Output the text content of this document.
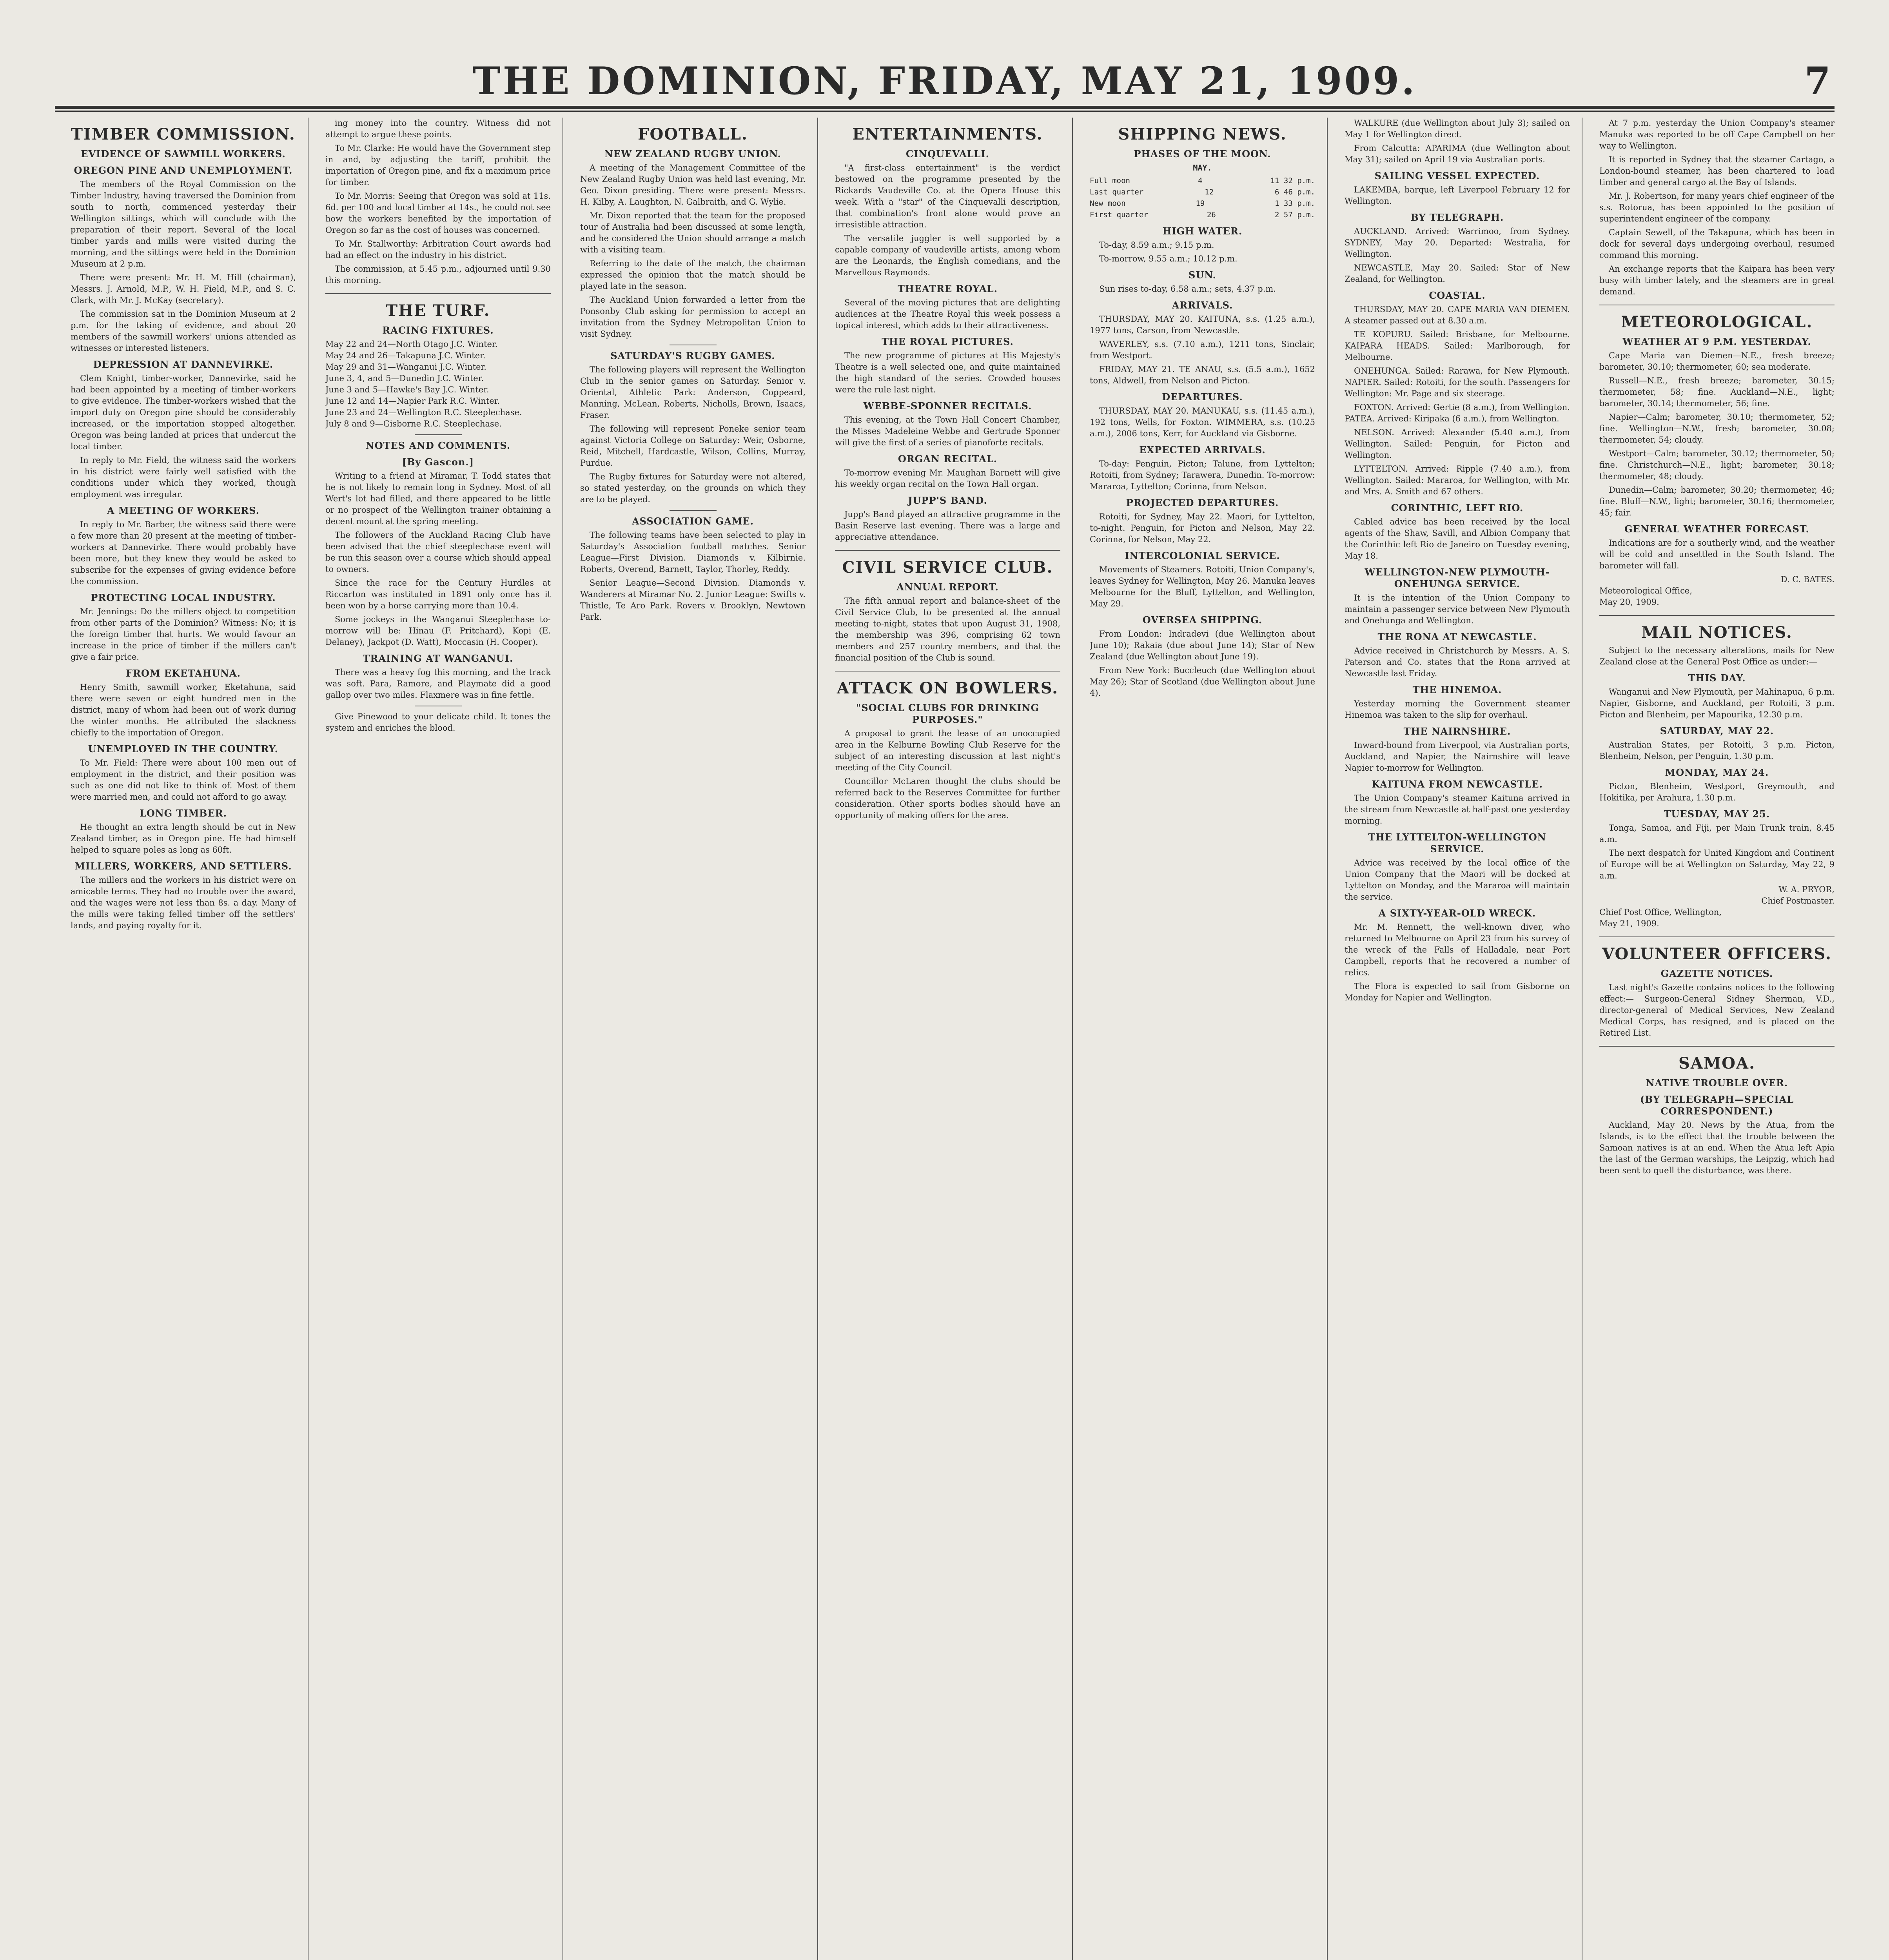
THE DOMINION, FRIDAY, MAY 21, 1909.	7
TIMBER COMMISSION.
EVIDENCE OF SAWMILL WORKERS.
OREGON PINE AND UNEMPLOYMENT.

The members of the Royal Commission on the Timber Industry, having traversed the Dominion from south to north, commenced yesterday their Wellington sittings, which will conclude with the preparation of their report. Several of the local timber yards and mills were visited during the morning, and the sittings were held in the Dominion Museum at 2 p.m.

There were present: Mr. H. M. Hill (chairman), Messrs. J. Arnold, M.P., W. H. Field, M.P., and S. C. Clark, with Mr. J. McKay (secretary).

The commission sat in the Dominion Museum at 2 p.m. for the taking of evidence, and about 20 members of the sawmill workers' unions attended as witnesses or interested listeners.

DEPRESSION AT DANNEVIRKE.

Clem Knight, timber-worker, Dannevirke, said he had been appointed by a meeting of timber-workers to give evidence. The timber-workers wished that the import duty on Oregon pine should be considerably increased, or the importation stopped altogether. Oregon was being landed at prices that undercut the local timber.

In reply to Mr. Field, the witness said the workers in his district were fairly well satisfied with the conditions under which they worked, though employment was irregular.

A MEETING OF WORKERS.

In reply to Mr. Barber, the witness said there were a few more than 20 present at the meeting of timber-workers at Dannevirke. There would probably have been more, but they knew they would be asked to subscribe for the expenses of giving evidence before the commission.

PROTECTING LOCAL INDUSTRY.

Mr. Jennings: Do the millers object to competition from other parts of the Dominion? Witness: No; it is the foreign timber that hurts. We would favour an increase in the price of timber if the millers can't give a fair price.

FROM EKETAHUNA.

Henry Smith, sawmill worker, Eketahuna, said there were seven or eight hundred men in the district, many of whom had been out of work during the winter months. He attributed the slackness chiefly to the importation of Oregon.

UNEMPLOYED IN THE COUNTRY.

To Mr. Field: There were about 100 men out of employment in the district, and their position was such as one did not like to think of. Most of them were married men, and could not afford to go away.

LONG TIMBER.

He thought an extra length should be cut in New Zealand timber, as in Oregon pine. He had himself helped to square poles as long as 60ft.

MILLERS, WORKERS, AND SETTLERS.

The millers and the workers in his district were on amicable terms. They had no trouble over the award, and the wages were not less than 8s. a day. Many of the mills were taking felled timber off the settlers' lands, and paying royalty for it.

ing money into the country. Witness did not attempt to argue these points.

To Mr. Clarke: He would have the Government step in and, by adjusting the tariff, prohibit the importation of Oregon pine, and fix a maximum price for timber.

To Mr. Morris: Seeing that Oregon was sold at 11s. 6d. per 100 and local timber at 14s., he could not see how the workers benefited by the importation of Oregon so far as the cost of houses was concerned.

To Mr. Stallworthy: Arbitration Court awards had had an effect on the industry in his district.

The commission, at 5.45 p.m., adjourned until 9.30 this morning.

THE TURF.
RACING FIXTURES.
May 22 and 24—North Otago J.C. Winter.
May 24 and 26—Takapuna J.C. Winter.
May 29 and 31—Wanganui J.C. Winter.
June 3, 4, and 5—Dunedin J.C. Winter.
June 3 and 5—Hawke's Bay J.C. Winter.
June 12 and 14—Napier Park R.C. Winter.
June 23 and 24—Wellington R.C. Steeplechase.
July 8 and 9—Gisborne R.C. Steeplechase.
NOTES AND COMMENTS.
[By Gascon.]

Writing to a friend at Miramar, T. Todd states that he is not likely to remain long in Sydney. Most of all Wert's lot had filled, and there appeared to be little or no prospect of the Wellington trainer obtaining a decent mount at the spring meeting.

The followers of the Auckland Racing Club have been advised that the chief steeplechase event will be run this season over a course which should appeal to owners.

Since the race for the Century Hurdles at Riccarton was instituted in 1891 only once has it been won by a horse carrying more than 10.4.

Some jockeys in the Wanganui Steeplechase to-morrow will be: Hinau (F. Pritchard), Kopi (E. Delaney), Jackpot (D. Watt), Moccasin (H. Cooper).

TRAINING AT WANGANUI.

There was a heavy fog this morning, and the track was soft. Para, Ramore, and Playmate did a good gallop over two miles. Flaxmere was in fine fettle.

Give Pinewood to your delicate child. It tones the system and enriches the blood.

FOOTBALL.
NEW ZEALAND RUGBY UNION.

A meeting of the Management Committee of the New Zealand Rugby Union was held last evening, Mr. Geo. Dixon presiding. There were present: Messrs. H. Kilby, A. Laughton, N. Galbraith, and G. Wylie.

Mr. Dixon reported that the team for the proposed tour of Australia had been discussed at some length, and he considered the Union should arrange a match with a visiting team.

Referring to the date of the match, the chairman expressed the opinion that the match should be played late in the season.

The Auckland Union forwarded a letter from the Ponsonby Club asking for permission to accept an invitation from the Sydney Metropolitan Union to visit Sydney.

SATURDAY'S RUGBY GAMES.

The following players will represent the Wellington Club in the senior games on Saturday. Senior v. Oriental, Athletic Park: Anderson, Coppeard, Manning, McLean, Roberts, Nicholls, Brown, Isaacs, Fraser.

The following will represent Poneke senior team against Victoria College on Saturday: Weir, Osborne, Reid, Mitchell, Hardcastle, Wilson, Collins, Murray, Purdue.

The Rugby fixtures for Saturday were not altered, so stated yesterday, on the grounds on which they are to be played.

ASSOCIATION GAME.

The following teams have been selected to play in Saturday's Association football matches. Senior League—First Division. Diamonds v. Kilbirnie. Roberts, Overend, Barnett, Taylor, Thorley, Reddy.

Senior League—Second Division. Diamonds v. Wanderers at Miramar No. 2. Junior League: Swifts v. Thistle, Te Aro Park. Rovers v. Brooklyn, Newtown Park.

ENTERTAINMENTS.
CINQUEVALLI.

"A first-class entertainment" is the verdict bestowed on the programme presented by the Rickards Vaudeville Co. at the Opera House this week. With a "star" of the Cinquevalli description, that combination's front alone would prove an irresistible attraction.

The versatile juggler is well supported by a capable company of vaudeville artists, among whom are the Leonards, the English comedians, and the Marvellous Raymonds.

THEATRE ROYAL.

Several of the moving pictures that are delighting audiences at the Theatre Royal this week possess a topical interest, which adds to their attractiveness.

THE ROYAL PICTURES.

The new programme of pictures at His Majesty's Theatre is a well selected one, and quite maintained the high standard of the series. Crowded houses were the rule last night.

WEBBE-SPONNER RECITALS.

This evening, at the Town Hall Concert Chamber, the Misses Madeleine Webbe and Gertrude Sponner will give the first of a series of pianoforte recitals.

ORGAN RECITAL.

To-morrow evening Mr. Maughan Barnett will give his weekly organ recital on the Town Hall organ.

JUPP'S BAND.

Jupp's Band played an attractive programme in the Basin Reserve last evening. There was a large and appreciative attendance.

CIVIL SERVICE CLUB.
ANNUAL REPORT.

The fifth annual report and balance-sheet of the Civil Service Club, to be presented at the annual meeting to-night, states that upon August 31, 1908, the membership was 396, comprising 62 town members and 257 country members, and that the financial position of the Club is sound.

ATTACK ON BOWLERS.
"SOCIAL CLUBS FOR DRINKING PURPOSES."

A proposal to grant the lease of an unoccupied area in the Kelburne Bowling Club Reserve for the subject of an interesting discussion at last night's meeting of the City Council.

Councillor McLaren thought the clubs should be referred back to the Reserves Committee for further consideration. Other sports bodies should have an opportunity of making offers for the area.

SHIPPING NEWS.
PHASES OF THE MOON.
MAY.
Full moon	4	11 32 p.m.
Last quarter	12	6 46 p.m.
New moon	19	1 33 p.m.
First quarter	26	2 57 p.m.
HIGH WATER.

To-day, 8.59 a.m.; 9.15 p.m.

To-morrow, 9.55 a.m.; 10.12 p.m.

SUN.

Sun rises to-day, 6.58 a.m.; sets, 4.37 p.m.

ARRIVALS.

THURSDAY, MAY 20. KAITUNA, s.s. (1.25 a.m.), 1977 tons, Carson, from Newcastle.

WAVERLEY, s.s. (7.10 a.m.), 1211 tons, Sinclair, from Westport.

FRIDAY, MAY 21. TE ANAU, s.s. (5.5 a.m.), 1652 tons, Aldwell, from Nelson and Picton.

DEPARTURES.

THURSDAY, MAY 20. MANUKAU, s.s. (11.45 a.m.), 192 tons, Wells, for Foxton. WIMMERA, s.s. (10.25 a.m.), 2006 tons, Kerr, for Auckland via Gisborne.

EXPECTED ARRIVALS.

To-day: Penguin, Picton; Talune, from Lyttelton; Rotoiti, from Sydney; Tarawera, Dunedin. To-morrow: Mararoa, Lyttelton; Corinna, from Nelson.

PROJECTED DEPARTURES.

Rotoiti, for Sydney, May 22. Maori, for Lyttelton, to-night. Penguin, for Picton and Nelson, May 22. Corinna, for Nelson, May 22.

INTERCOLONIAL SERVICE.

Movements of Steamers. Rotoiti, Union Company's, leaves Sydney for Wellington, May 26. Manuka leaves Melbourne for the Bluff, Lyttelton, and Wellington, May 29.

OVERSEA SHIPPING.

From London: Indradevi (due Wellington about June 10); Rakaia (due about June 14); Star of New Zealand (due Wellington about June 19).

From New York: Buccleuch (due Wellington about May 26); Star of Scotland (due Wellington about June 4).

WALKURE (due Wellington about July 3); sailed on May 1 for Wellington direct.

From Calcutta: APARIMA (due Wellington about May 31); sailed on April 19 via Australian ports.

SAILING VESSEL EXPECTED.

LAKEMBA, barque, left Liverpool February 12 for Wellington.

BY TELEGRAPH.

AUCKLAND. Arrived: Warrimoo, from Sydney. SYDNEY, May 20. Departed: Westralia, for Wellington.

NEWCASTLE, May 20. Sailed: Star of New Zealand, for Wellington.

COASTAL.

THURSDAY, MAY 20. CAPE MARIA VAN DIEMEN. A steamer passed out at 8.30 a.m.

TE KOPURU. Sailed: Brisbane, for Melbourne. KAIPARA HEADS. Sailed: Marlborough, for Melbourne.

ONEHUNGA. Sailed: Rarawa, for New Plymouth. NAPIER. Sailed: Rotoiti, for the south. Passengers for Wellington: Mr. Page and six steerage.

FOXTON. Arrived: Gertie (8 a.m.), from Wellington. PATEA. Arrived: Kiripaka (6 a.m.), from Wellington.

NELSON. Arrived: Alexander (5.40 a.m.), from Wellington. Sailed: Penguin, for Picton and Wellington.

LYTTELTON. Arrived: Ripple (7.40 a.m.), from Wellington. Sailed: Mararoa, for Wellington, with Mr. and Mrs. A. Smith and 67 others.

CORINTHIC, LEFT RIO.

Cabled advice has been received by the local agents of the Shaw, Savill, and Albion Company that the Corinthic left Rio de Janeiro on Tuesday evening, May 18.

WELLINGTON-NEW PLYMOUTH-ONEHUNGA SERVICE.

It is the intention of the Union Company to maintain a passenger service between New Plymouth and Onehunga and Wellington.

THE RONA AT NEWCASTLE.

Advice received in Christchurch by Messrs. A. S. Paterson and Co. states that the Rona arrived at Newcastle last Friday.

THE HINEMOA.

Yesterday morning the Government steamer Hinemoa was taken to the slip for overhaul.

THE NAIRNSHIRE.

Inward-bound from Liverpool, via Australian ports, Auckland, and Napier, the Nairnshire will leave Napier to-morrow for Wellington.

KAITUNA FROM NEWCASTLE.

The Union Company's steamer Kaituna arrived in the stream from Newcastle at half-past one yesterday morning.

THE LYTTELTON-WELLINGTON SERVICE.

Advice was received by the local office of the Union Company that the Maori will be docked at Lyttelton on Monday, and the Mararoa will maintain the service.

A SIXTY-YEAR-OLD WRECK.

Mr. M. Rennett, the well-known diver, who returned to Melbourne on April 23 from his survey of the wreck of the Falls of Halladale, near Port Campbell, reports that he recovered a number of relics.

The Flora is expected to sail from Gisborne on Monday for Napier and Wellington.

At 7 p.m. yesterday the Union Company's steamer Manuka was reported to be off Cape Campbell on her way to Wellington.

It is reported in Sydney that the steamer Cartago, a London-bound steamer, has been chartered to load timber and general cargo at the Bay of Islands.

Mr. J. Robertson, for many years chief engineer of the s.s. Rotorua, has been appointed to the position of superintendent engineer of the company.

Captain Sewell, of the Takapuna, which has been in dock for several days undergoing overhaul, resumed command this morning.

An exchange reports that the Kaipara has been very busy with timber lately, and the steamers are in great demand.

METEOROLOGICAL.
WEATHER AT 9 P.M. YESTERDAY.

Cape Maria van Diemen—N.E., fresh breeze; barometer, 30.10; thermometer, 60; sea moderate.

Russell—N.E., fresh breeze; barometer, 30.15; thermometer, 58; fine. Auckland—N.E., light; barometer, 30.14; thermometer, 56; fine.

Napier—Calm; barometer, 30.10; thermometer, 52; fine. Wellington—N.W., fresh; barometer, 30.08; thermometer, 54; cloudy.

Westport—Calm; barometer, 30.12; thermometer, 50; fine. Christchurch—N.E., light; barometer, 30.18; thermometer, 48; cloudy.

Dunedin—Calm; barometer, 30.20; thermometer, 46; fine. Bluff—N.W., light; barometer, 30.16; thermometer, 45; fair.

GENERAL WEATHER FORECAST.

Indications are for a southerly wind, and the weather will be cold and unsettled in the South Island. The barometer will fall.

D. C. BATES.
Meteorological Office,
May 20, 1909.
MAIL NOTICES.

Subject to the necessary alterations, mails for New Zealand close at the General Post Office as under:—

THIS DAY.

Wanganui and New Plymouth, per Mahinapua, 6 p.m. Napier, Gisborne, and Auckland, per Rotoiti, 3 p.m. Picton and Blenheim, per Mapourika, 12.30 p.m.

SATURDAY, MAY 22.

Australian States, per Rotoiti, 3 p.m. Picton, Blenheim, Nelson, per Penguin, 1.30 p.m.

MONDAY, MAY 24.

Picton, Blenheim, Westport, Greymouth, and Hokitika, per Arahura, 1.30 p.m.

TUESDAY, MAY 25.

Tonga, Samoa, and Fiji, per Main Trunk train, 8.45 a.m.

The next despatch for United Kingdom and Continent of Europe will be at Wellington on Saturday, May 22, 9 a.m.

W. A. PRYOR,
Chief Postmaster.
Chief Post Office, Wellington,
May 21, 1909.
VOLUNTEER OFFICERS.
GAZETTE NOTICES.

Last night's Gazette contains notices to the following effect:— Surgeon-General Sidney Sherman, V.D., director-general of Medical Services, New Zealand Medical Corps, has resigned, and is placed on the Retired List.

SAMOA.
NATIVE TROUBLE OVER.
(BY TELEGRAPH—SPECIAL CORRESPONDENT.)

Auckland, May 20. News by the Atua, from the Islands, is to the effect that the trouble between the Samoan natives is at an end. When the Atua left Apia the last of the German warships, the Leipzig, which had been sent to quell the disturbance, was there.
